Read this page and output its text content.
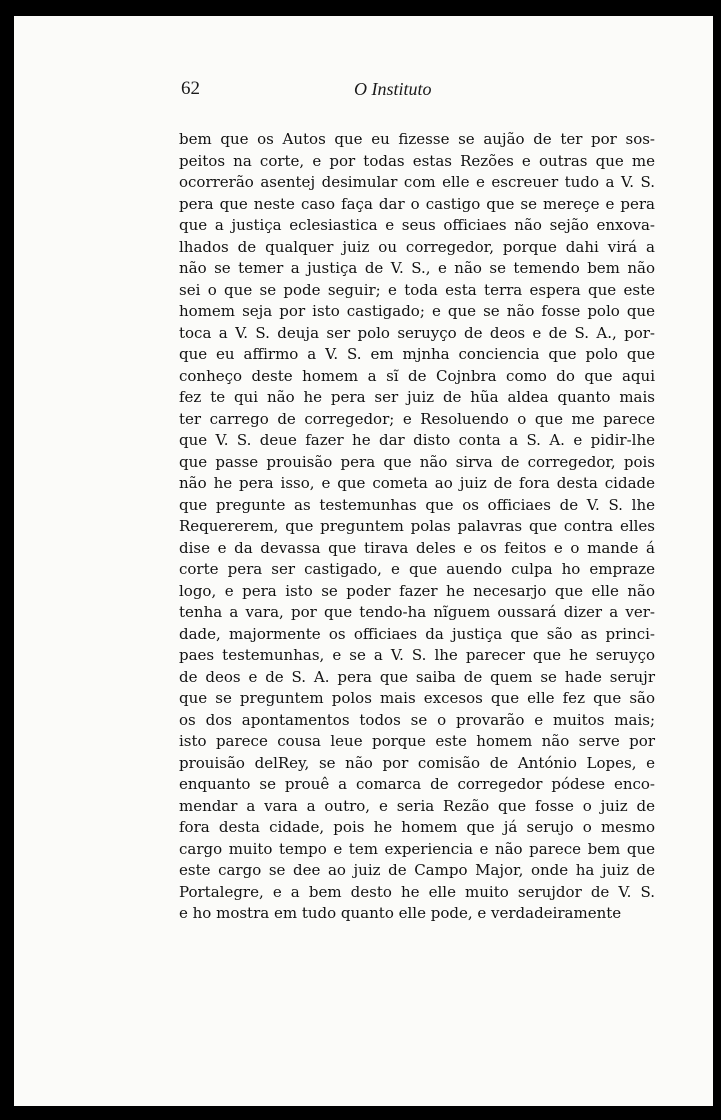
62	O Instituto
bem que os Autos que eu fizesse se aujão de ter por sos-
peitos na corte, e por todas estas Rezões e outras que me
ocorrerão asentej desimular com elle e escreuer tudo a V. S.
pera que neste caso faça dar o castigo que se mereçe e pera
que a justiça eclesiastica e seus officiaes não sejão enxova-
lhados de qualquer juiz ou corregedor, porque dahi virá a
não se temer a justiça de V. S., e não se temendo bem não
sei o que se pode seguir; e toda esta terra espera que este
homem seja por isto castigado; e que se não fosse polo que
toca a V. S. deuja ser polo seruyço de deos e de S. A., por-
que eu affirmo a V. S. em mjnha conciencia que polo que
conheço deste homem a sĩ de Cojnbra como do que aqui
fez te qui não he pera ser juiz de hũa aldea quanto mais
ter carrego de corregedor; e Resoluendo o que me parece
que V. S. deue fazer he dar disto conta a S. A. e pidir-lhe
que passe prouisão pera que não sirva de corregedor, pois
não he pera isso, e que cometa ao juiz de fora desta cidade
que pregunte as testemunhas que os officiaes de V. S. lhe
Requererem, que preguntem polas palavras que contra elles
dise e da devassa que tirava deles e os feitos e o mande á
corte pera ser castigado, e que auendo culpa ho empraze
logo, e pera isto se poder fazer he necesarjo que elle não
tenha a vara, por que tendo-ha nĩguem oussará dizer a ver-
dade, majormente os officiaes da justiça que são as princi-
paes testemunhas, e se a V. S. lhe parecer que he seruyço
de deos e de S. A. pera que saiba de quem se hade serujr
que se preguntem polos mais excesos que elle fez que são
os dos apontamentos todos se o provarão e muitos mais;
isto parece cousa leue porque este homem não serve por
prouisão delRey, se não por comisão de António Lopes, e
enquanto se prouê a comarca de corregedor pódese enco-
mendar a vara a outro, e seria Rezão que fosse o juiz de
fora desta cidade, pois he homem que já serujo o mesmo
cargo muito tempo e tem experiencia e não parece bem que
este cargo se dee ao juiz de Campo Major, onde ha juiz de
Portalegre, e a bem desto he elle muito serujdor de V. S.
e ho mostra em tudo quanto elle pode, e verdadeiramente
